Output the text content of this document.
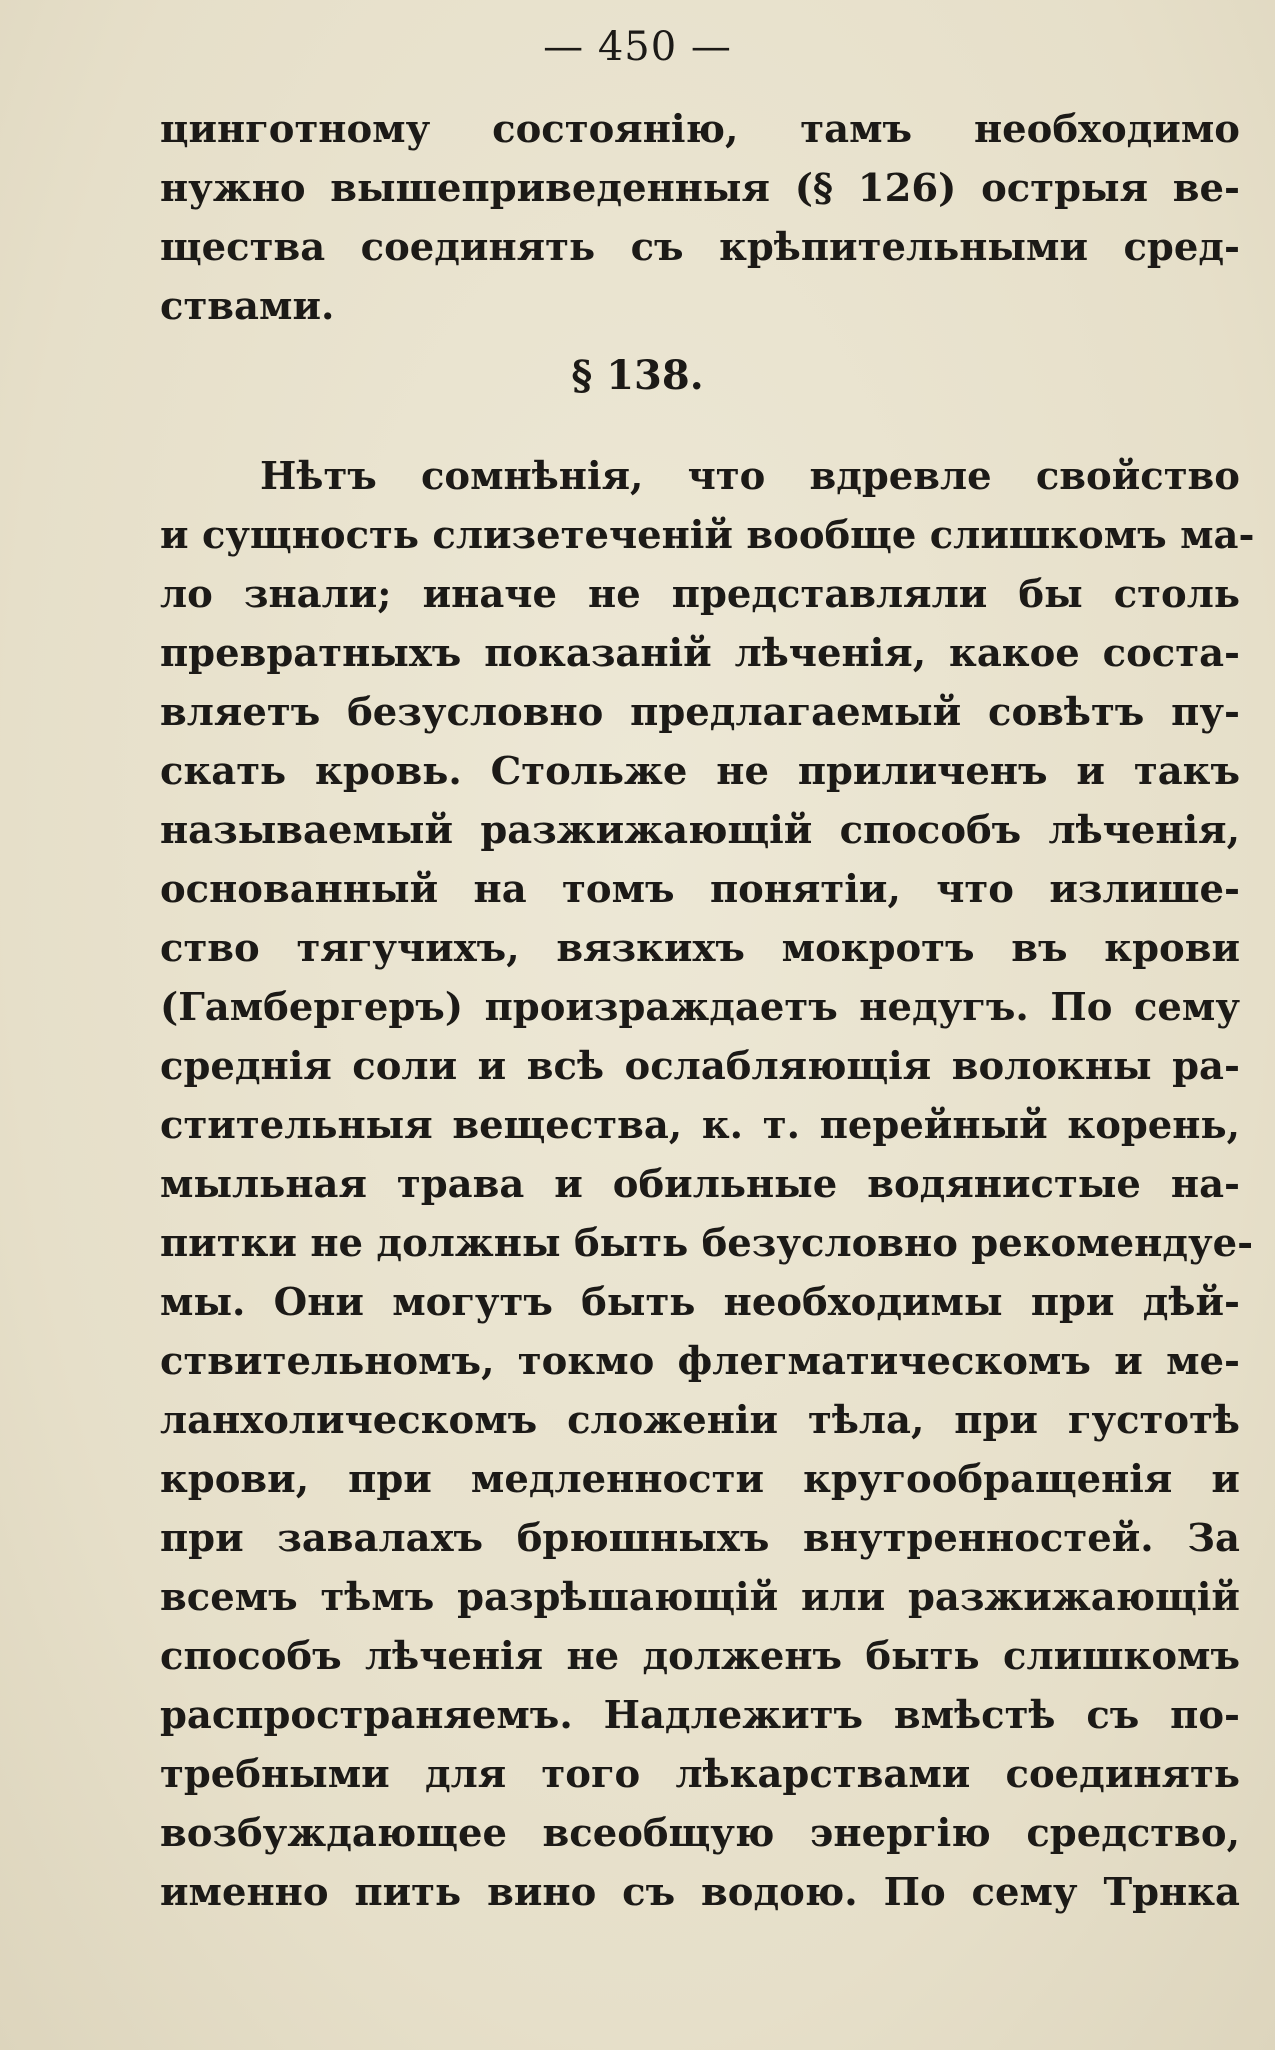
— 450 —
цинготному состоянію, тамъ необходимо
нужно вышеприведенныя (§ 126) острыя ве-
щества соединять съ крѣпительными сред-
ствами.
§ 138.
Нѣтъ сомнѣнія, что вдревле свойство
и сущность слизетеченій вообще слишкомъ ма-
ло знали; иначе не представляли бы столь
превратныхъ показаній лѣченія, какое соста-
вляетъ безусловно предлагаемый совѣтъ пу-
скать кровь. Стольже не приличенъ и такъ
называемый разжижающій способъ лѣченія,
основанный на томъ понятіи, что излише-
ство тягучихъ, вязкихъ мокротъ въ крови
(Гамбергеръ) произраждаетъ недугъ. По сему
среднія соли и всѣ ослабляющія волокны ра-
стительныя вещества, к. т. перейный корень,
мыльная трава и обильные водянистые на-
питки не должны быть безусловно рекомендуе-
мы. Они могутъ быть необходимы при дѣй-
ствительномъ, токмо флегматическомъ и ме-
ланхолическомъ сложеніи тѣла, при густотѣ
крови, при медленности кругообращенія и
при завалахъ брюшныхъ внутренностей. За
всемъ тѣмъ разрѣшающій или разжижающій
способъ лѣченія не долженъ быть слишкомъ
распространяемъ. Надлежитъ вмѣстѣ съ по-
требными для того лѣкарствами соединять
возбуждающее всеобщую энергію средство,
именно пить вино съ водою. По сему Трнка
